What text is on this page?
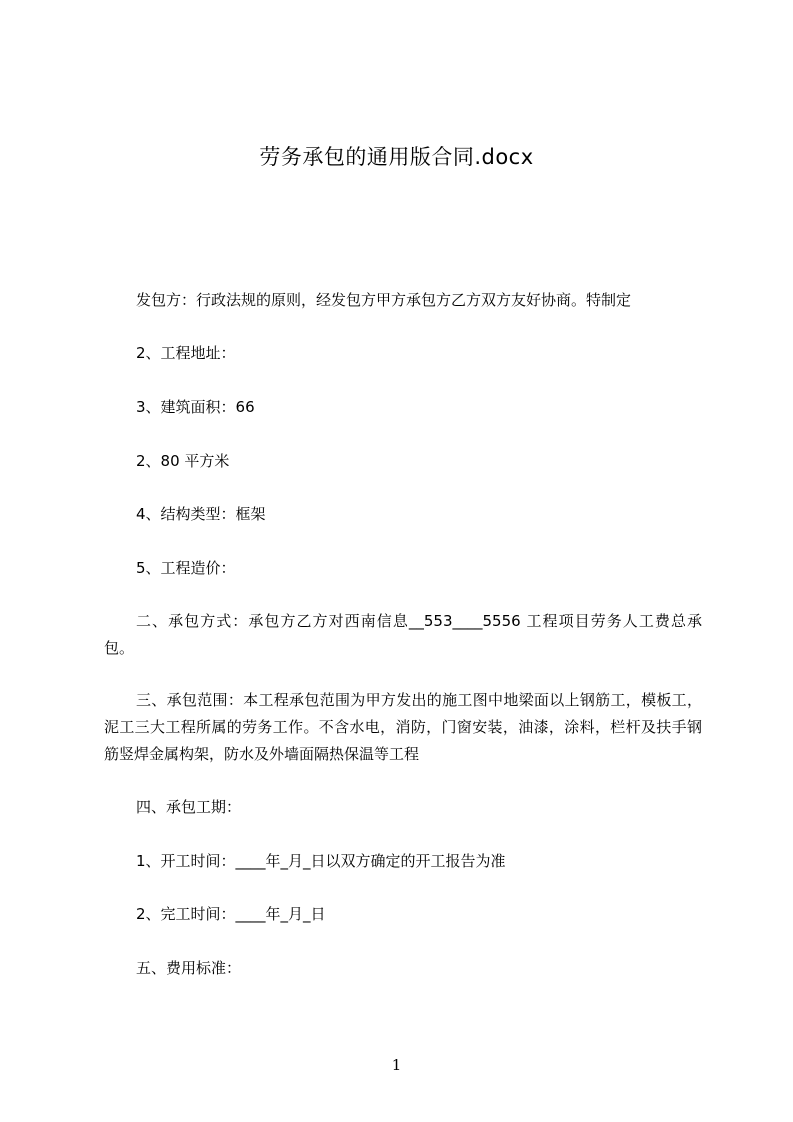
劳务承包的通用版合同.docx
发包方：行政法规的原则，经发包方甲方承包方乙方双方友好协商。特制定
2、工程地址：
3、建筑面积：66
2、80 平方米
4、结构类型：框架
5、工程造价：
二、承包方式：承包方乙方对西南信息__553____5556 工程项目劳务人工费总承包。
三、承包范围：本工程承包范围为甲方发出的施工图中地梁面以上钢筋工，模板工，泥工三大工程所属的劳务工作。不含水电，消防，门窗安装，油漆，涂料，栏杆及扶手钢筋竖焊金属构架，防水及外墙面隔热保温等工程
四、承包工期：
1、开工时间：____年_月_日以双方确定的开工报告为准
2、完工时间：____年_月_日
五、费用标准：
1
